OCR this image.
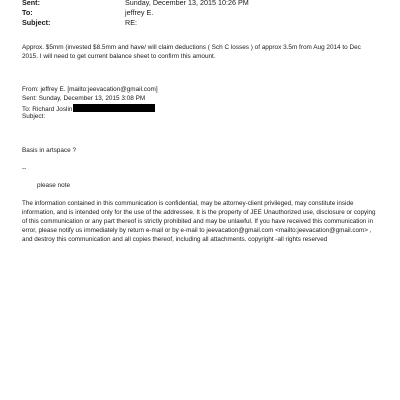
Sent:	Sunday, December 13, 2015 10:26 PM
To:	jeffrey E.
Subject:	RE:
Approx. $5mm (invested $8.5mm and have/ will claim deductions ( Sch C losses ) of approx 3.5m from Aug 2014 to Dec
2015. I will need to get current balance sheet to confirm this amount.
From: jeffrey E. [mailto:jeevacation@gmail.com]
Sent: Sunday, December 13, 2015 3:08 PM
To: Richard Joslin
Subject:
Basis in artspace ?
--
please note
The information contained in this communication is confidential, may be attorney-client privileged, may constitute inside information, and is intended only for the use of the addressee. It is the property of JEE Unauthorized use, disclosure or copying of this communication or any part thereof is strictly prohibited and may be unlawful. If you have received this communication in error, please notify us immediately by return e-mail or by e-mail to jeevacation@gmail.com <mailto:jeevacation@gmail.com> , and destroy this communication and all copies thereof, including all attachments. copyright -all rights reserved
